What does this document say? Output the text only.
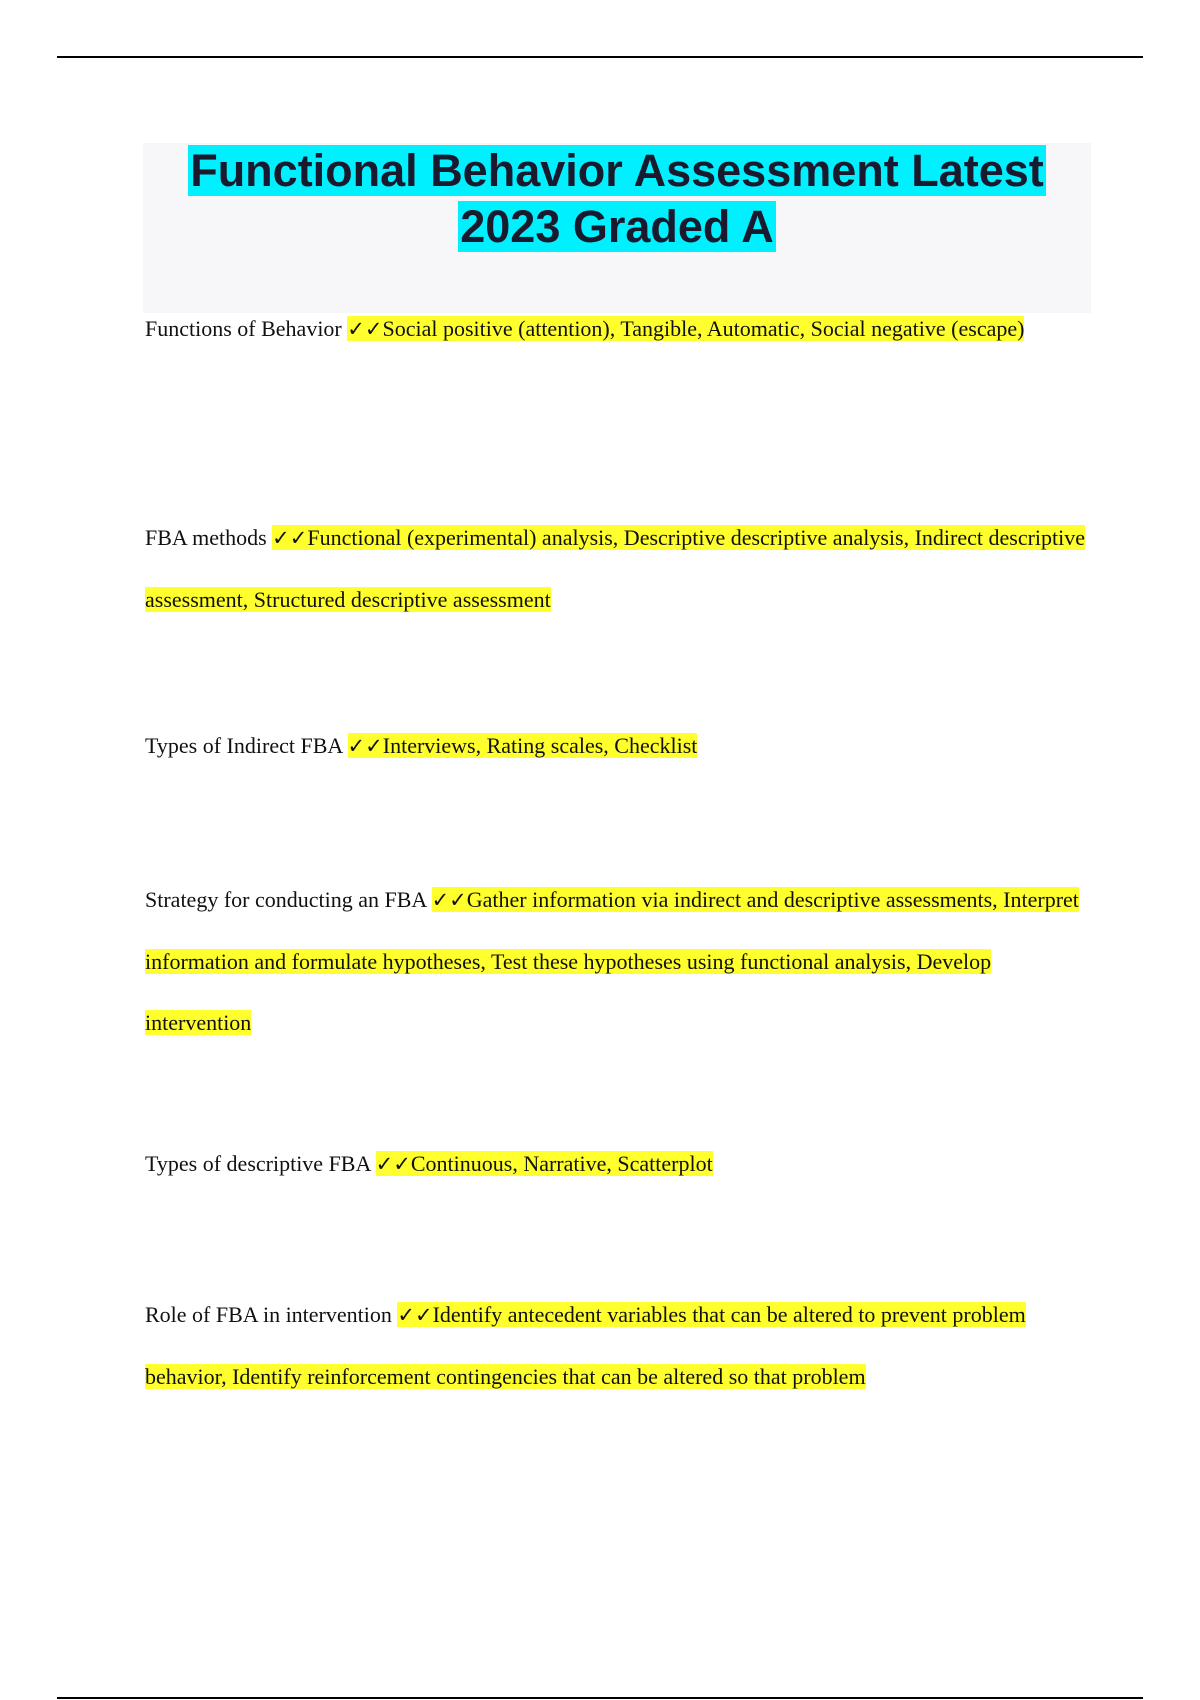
Functional Behavior Assessment Latest
2023 Graded A
Functions of Behavior ✓✓Social positive (attention), Tangible, Automatic, Social negative (escape)
FBA methods ✓✓Functional (experimental) analysis, Descriptive descriptive analysis, Indirect descriptive assessment, Structured descriptive assessment
Types of Indirect FBA ✓✓Interviews, Rating scales, Checklist
Strategy for conducting an FBA ✓✓Gather information via indirect and descriptive assessments, Interpret information and formulate hypotheses, Test these hypotheses using functional analysis, Develop intervention
Types of descriptive FBA ✓✓Continuous, Narrative, Scatterplot
Role of FBA in intervention ✓✓Identify antecedent variables that can be altered to prevent problem behavior, Identify reinforcement contingencies that can be altered so that problem
